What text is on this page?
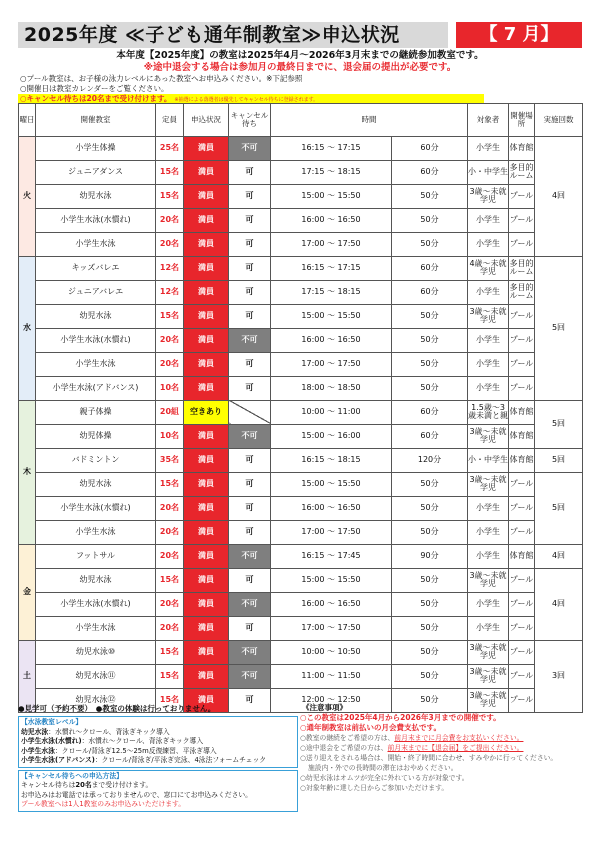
2025年度 ≪子ども通年制教室≫申込状況	【 7 月】
本年度【2025年度】の教室は2025年4月～2026年3月末までの継続参加教室です。
※途中退会する場合は参加月の最終日までに、退会届の提出が必要です。
○プール教室は、お子様の泳力レベルにあった教室へお申込みください。※下記参照
○開催日は教室カレンダーをご覧ください。
○キャンセル待ちは20名まで受け付けます。 ※抽選による落選者は優先してキャンセル待ちに登録されます。
曜日	開催教室	定員	申込状況	キャンセル待ち	時間		対象者	開催場所	実施回数	
火	小学生体操	25名	満員	不可	16:15 ～ 17:15	60分	小学生	体育館	4回	
	ジュニアダンス	15名	満員	可	17:15 ～ 18:15	60分	小・中学生	多目的ルーム		
	幼児水泳	15名	満員	可	15:00 ～ 15:50	50分	3歳～未就学児	プール		
	小学生水泳(水慣れ)	20名	満員	可	16:00 ～ 16:50	50分	小学生	プール		
	小学生水泳	20名	満員	可	17:00 ～ 17:50	50分	小学生	プール		
水	キッズバレエ	12名	満員	可	16:15 ～ 17:15	60分	4歳～未就学児	多目的ルーム	5回	
	ジュニアバレエ	12名	満員	可	17:15 ～ 18:15	60分	小学生	多目的ルーム		
	幼児水泳	15名	満員	可	15:00 ～ 15:50	50分	3歳～未就学児	プール		
	小学生水泳(水慣れ)	20名	満員	不可	16:00 ～ 16:50	50分	小学生	プール		
	小学生水泳	20名	満員	可	17:00 ～ 17:50	50分	小学生	プール		
	小学生水泳(アドバンス)	10名	満員	可	18:00 ～ 18:50	50分	小学生	プール		
木	親子体操	20組	空きあり		10:00 ～ 11:00	60分	1.5歳～3歳未満と親	体育館	5回	
	幼児体操	10名	満員	不可	15:00 ～ 16:00	60分	3歳～未就学児	体育館		
	バドミントン	35名	満員	可	16:15 ～ 18:15	120分	小・中学生	体育館	5回	
	幼児水泳	15名	満員	可	15:00 ～ 15:50	50分	3歳～未就学児	プール	5回	
	小学生水泳(水慣れ)	20名	満員	可	16:00 ～ 16:50	50分	小学生	プール		
	小学生水泳	20名	満員	可	17:00 ～ 17:50	50分	小学生	プール		
金	フットサル	20名	満員	不可	16:15 ～ 17:45	90分	小学生	体育館	4回	
	幼児水泳	15名	満員	可	15:00 ～ 15:50	50分	3歳～未就学児	プール	4回	
	小学生水泳(水慣れ)	20名	満員	不可	16:00 ～ 16:50	50分	小学生	プール		
	小学生水泳	20名	満員	可	17:00 ～ 17:50	50分	小学生	プール		
土	幼児水泳⑩	15名	満員	不可	10:00 ～ 10:50	50分	3歳～未就学児	プール	3回	
	幼児水泳⑪	15名	満員	不可	11:00 ～ 11:50	50分	3歳～未就学児	プール		
	幼児水泳⑫	15名	満員	可	12:00 ～ 12:50	50分	3歳～未就学児	プール		
●見学可（予約不要）　●教室の体験は行っておりません。
【水泳教室レベル】
幼児水泳：水慣れ～クロール、背泳ぎキック導入
小学生水泳(水慣れ)：水慣れ～クロール、背泳ぎキック導入
小学生水泳：クロール/背泳ぎ12.5～25m反復練習、平泳ぎ導入
小学生水泳(アドバンス)：クロール/背泳ぎ/平泳ぎ完泳、4泳法フォームチェック
【キャンセル待ちへの申込方法】
キャンセル待ちは20名まで受け付けます。
お申込みはお電話では承っておりませんので、窓口にてお申込みください。
プール教室へは1人1教室のみお申込みいただけます。
《注意事項》
○この教室は2025年4月から2026年3月までの開催です。
○通年制教室は前払いの月会費支払です。
○教室の継続をご希望の方は、前月末までに月会費をお支払いください。
○途中退会をご希望の方は、前月末までに【退会届】をご提出ください。
○送り迎えをされる場合は、開始・終了時間に合わせ、すみやかに行ってください。
施設内・外での長時間の滞在はおやめください。
○幼児水泳はオムツが完全に外れている方が対象です。
○対象年齢に達した日からご参加いただけます。
